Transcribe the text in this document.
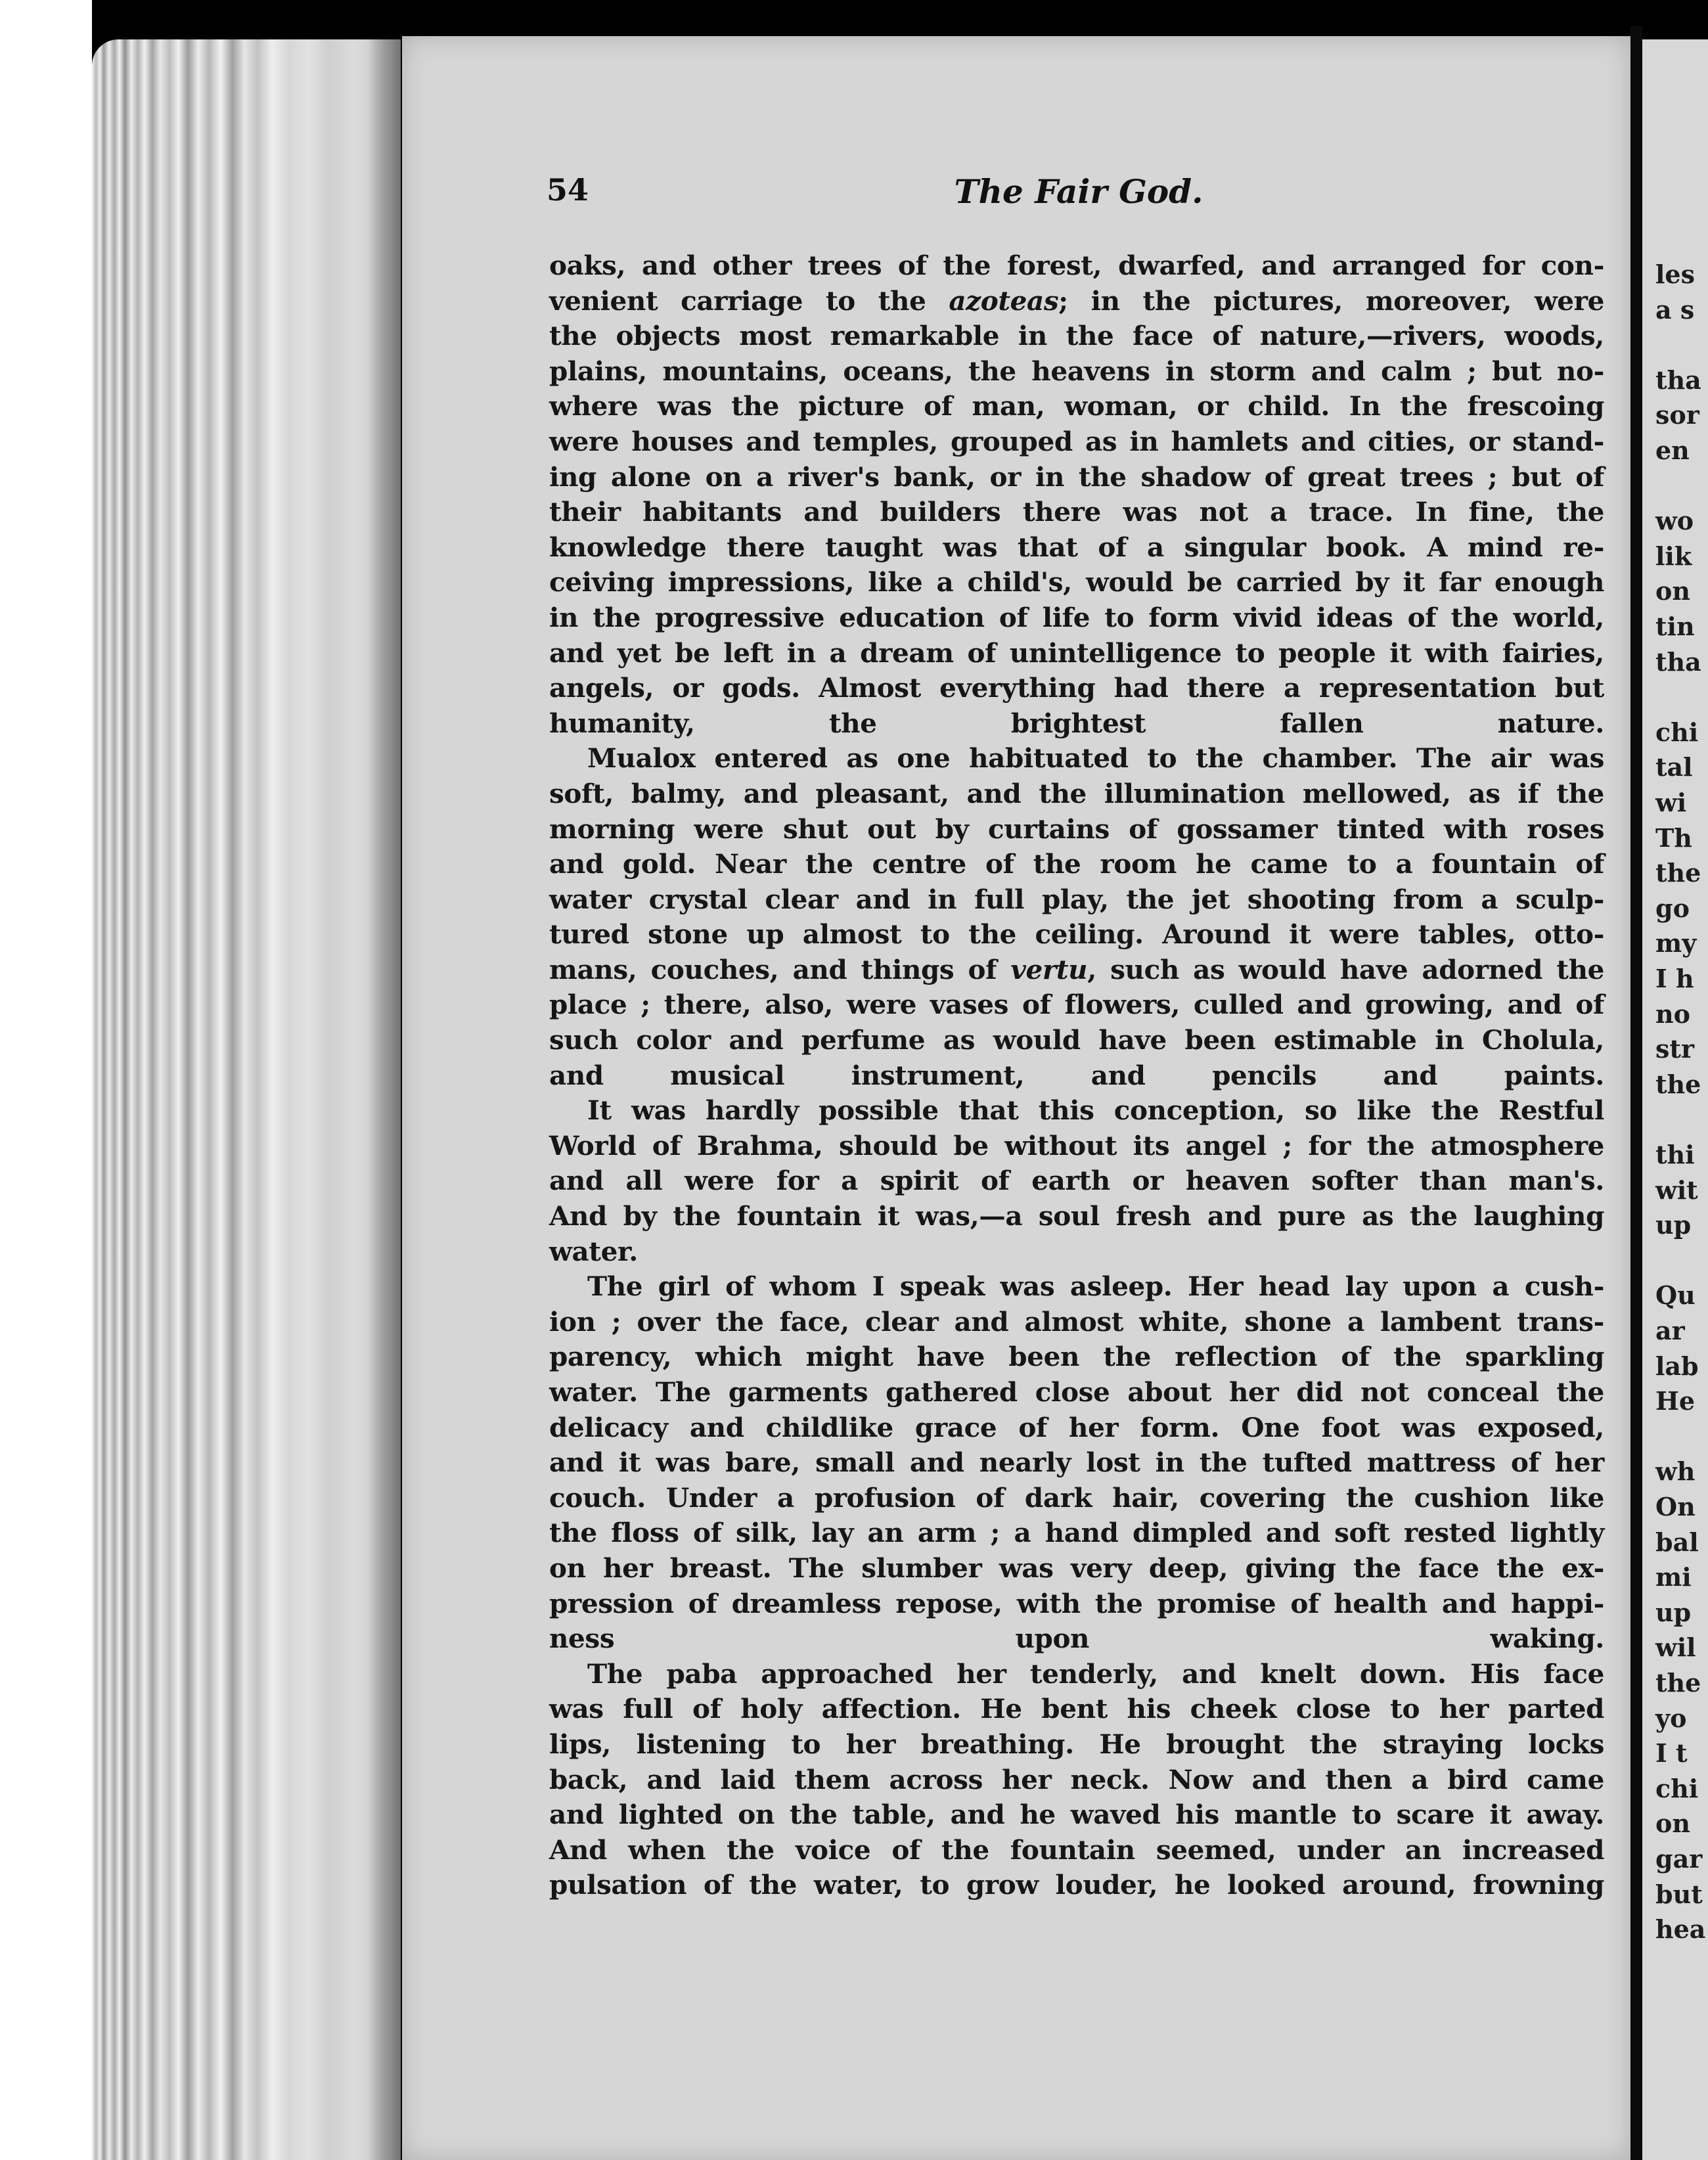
les
a s
tha
sor
en
wo
lik
on
tin
tha
chi
tal
wi
Th
the
go
my
I h
no
str
the
thi
wit
up
Qu
ar
lab
He
wh
On
bal
mi
up
wil
the
yo
I t
chi
on
gar
but
hea
54	The Fair God.
oaks, and other trees of the forest, dwarfed, and arranged for con-
venient carriage to the azoteas; in the pictures, moreover, were
the objects most remarkable in the face of nature,—rivers, woods,
plains, mountains, oceans, the heavens in storm and calm ; but no-
where was the picture of man, woman, or child. In the frescoing
were houses and temples, grouped as in hamlets and cities, or stand-
ing alone on a river's bank, or in the shadow of great trees ; but of
their habitants and builders there was not a trace. In fine, the
knowledge there taught was that of a singular book. A mind re-
ceiving impressions, like a child's, would be carried by it far enough
in the progressive education of life to form vivid ideas of the world,
and yet be left in a dream of unintelligence to people it with fairies,
angels, or gods. Almost everything had there a representation but
humanity, the brightest fallen nature.
Mualox entered as one habituated to the chamber. The air was
soft, balmy, and pleasant, and the illumination mellowed, as if the
morning were shut out by curtains of gossamer tinted with roses
and gold. Near the centre of the room he came to a fountain of
water crystal clear and in full play, the jet shooting from a sculp-
tured stone up almost to the ceiling. Around it were tables, otto-
mans, couches, and things of vertu, such as would have adorned the
place ; there, also, were vases of flowers, culled and growing, and of
such color and perfume as would have been estimable in Cholula,
and musical instrument, and pencils and paints.
It was hardly possible that this conception, so like the Restful
World of Brahma, should be without its angel ; for the atmosphere
and all were for a spirit of earth or heaven softer than man's.
And by the fountain it was,—a soul fresh and pure as the laughing
water.
The girl of whom I speak was asleep. Her head lay upon a cush-
ion ; over the face, clear and almost white, shone a lambent trans-
parency, which might have been the reflection of the sparkling
water. The garments gathered close about her did not conceal the
delicacy and childlike grace of her form. One foot was exposed,
and it was bare, small and nearly lost in the tufted mattress of her
couch. Under a profusion of dark hair, covering the cushion like
the floss of silk, lay an arm ; a hand dimpled and soft rested lightly
on her breast. The slumber was very deep, giving the face the ex-
pression of dreamless repose, with the promise of health and happi-
ness upon waking.
The paba approached her tenderly, and knelt down. His face
was full of holy affection. He bent his cheek close to her parted
lips, listening to her breathing. He brought the straying locks
back, and laid them across her neck. Now and then a bird came
and lighted on the table, and he waved his mantle to scare it away.
And when the voice of the fountain seemed, under an increased
pulsation of the water, to grow louder, he looked around, frowning
